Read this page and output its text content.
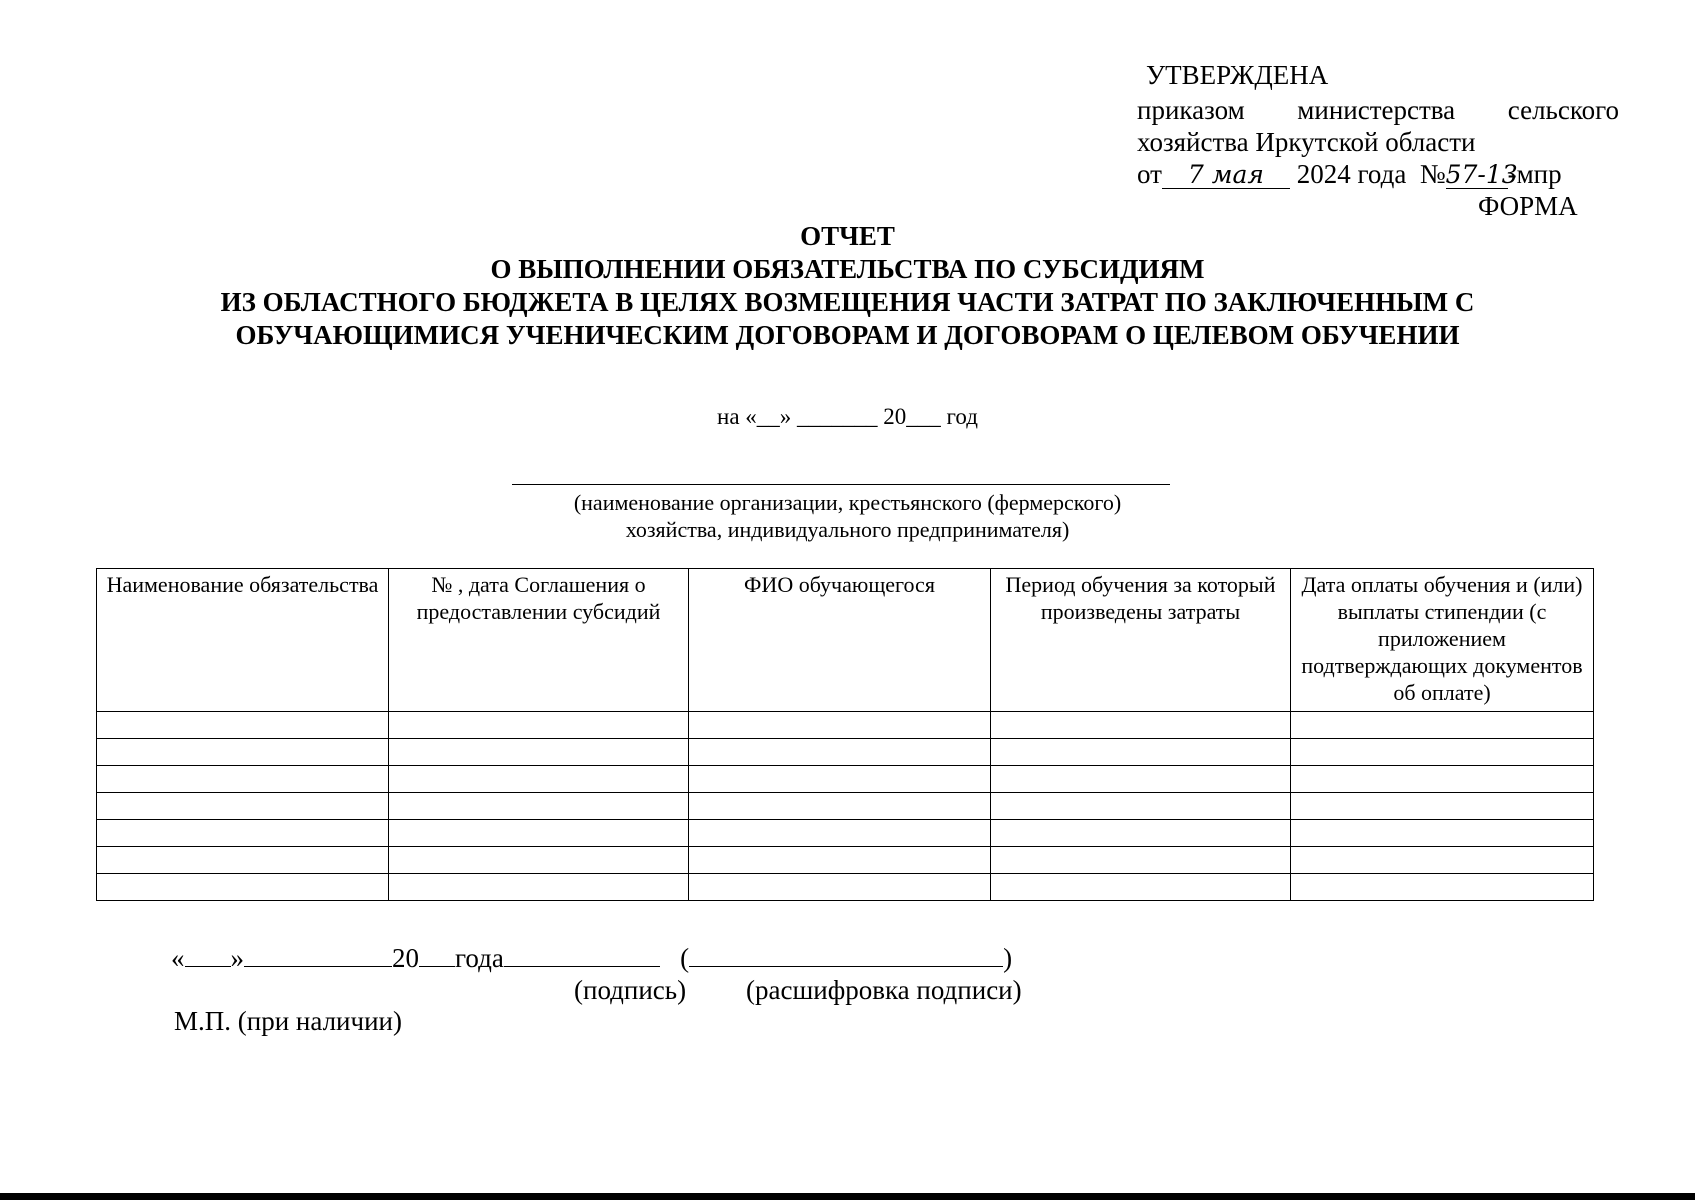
УТВЕРЖДЕНА
приказом министерства сельского
хозяйства Иркутской области
от 7 мая 2024 года №57-13-мпр
ФОРМА
ОТЧЕТ
О ВЫПОЛНЕНИИ ОБЯЗАТЕЛЬСТВА ПО СУБСИДИЯМ
ИЗ ОБЛАСТНОГО БЮДЖЕТА В ЦЕЛЯХ ВОЗМЕЩЕНИЯ ЧАСТИ ЗАТРАТ ПО ЗАКЛЮЧЕННЫМ С
ОБУЧАЮЩИМИСЯ УЧЕНИЧЕСКИМ ДОГОВОРАМ И ДОГОВОРАМ О ЦЕЛЕВОМ ОБУЧЕНИИ
на «__» _______ 20___ год
(наименование организации, крестьянского (фермерского)
хозяйства, индивидуального предпринимателя)
Наименование обязательства	№ , дата Соглашения о предоставлении субсидий	ФИО обучающегося	Период обучения за который произведены затраты	Дата оплаты обучения и (или) выплаты стипендии (с приложением подтверждающих документов об оплате)

« »	20 года	(	)
(подпись) (расшифровка подписи)
М.П. (при наличии)
